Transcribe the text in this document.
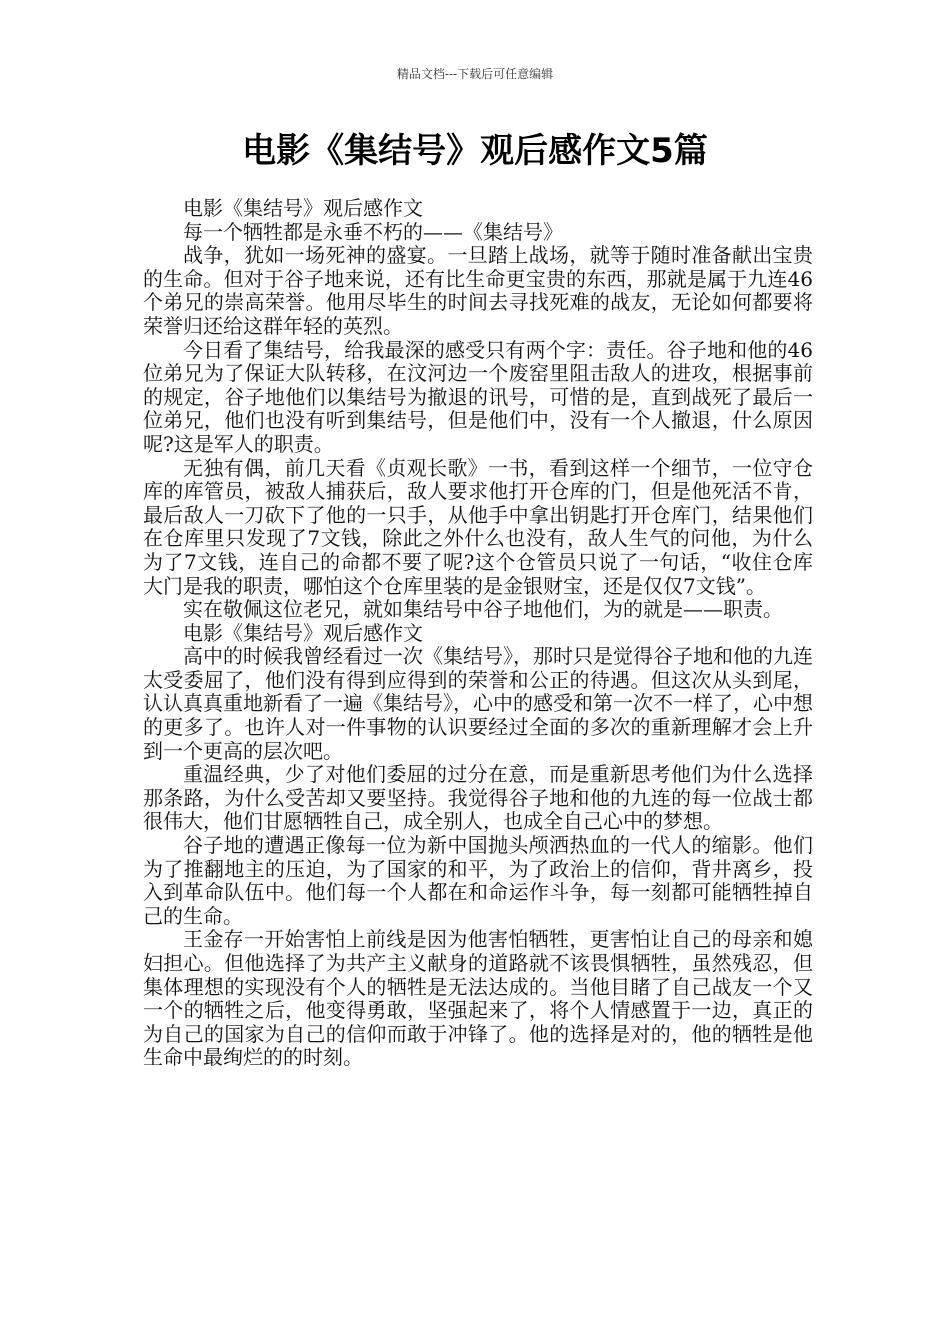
精品文档---下载后可任意编辑
电影《集结号》观后感作文5篇

电影《集结号》观后感作文

每一个牺牲都是永垂不朽的——《集结号》

战争，犹如一场死神的盛宴。一旦踏上战场，就等于随时准备献出宝贵的生命。但对于谷子地来说，还有比生命更宝贵的东西，那就是属于九连46个弟兄的崇高荣誉。他用尽毕生的时间去寻找死难的战友，无论如何都要将荣誉归还给这群年轻的英烈。

今日看了集结号，给我最深的感受只有两个字：责任。谷子地和他的46位弟兄为了保证大队转移，在汶河边一个废窑里阻击敌人的进攻，根据事前的规定，谷子地他们以集结号为撤退的讯号，可惜的是，直到战死了最后一位弟兄，他们也没有听到集结号，但是他们中，没有一个人撤退，什么原因呢?这是军人的职责。

无独有偶，前几天看《贞观长歌》一书，看到这样一个细节，一位守仓库的库管员，被敌人捕获后，敌人要求他打开仓库的门，但是他死活不肯，最后敌人一刀砍下了他的一只手，从他手中拿出钥匙打开仓库门，结果他们在仓库里只发现了7文钱，除此之外什么也没有，敌人生气的问他，为什么为了7文钱，连自己的命都不要了呢?这个仓管员只说了一句话，“收住仓库大门是我的职责，哪怕这个仓库里装的是金银财宝，还是仅仅7文钱”。

实在敬佩这位老兄，就如集结号中谷子地他们，为的就是——职责。

电影《集结号》观后感作文

高中的时候我曾经看过一次《集结号》，那时只是觉得谷子地和他的九连太受委屈了，他们没有得到应得到的荣誉和公正的待遇。但这次从头到尾，认认真真重地新看了一遍《集结号》，心中的感受和第一次不一样了，心中想的更多了。也许人对一件事物的认识要经过全面的多次的重新理解才会上升到一个更高的层次吧。

重温经典，少了对他们委屈的过分在意，而是重新思考他们为什么选择那条路，为什么受苦却又要坚持。我觉得谷子地和他的九连的每一位战士都很伟大，他们甘愿牺牲自己，成全别人，也成全自己心中的梦想。

谷子地的遭遇正像每一位为新中国抛头颅洒热血的一代人的缩影。他们为了推翻地主的压迫，为了国家的和平，为了政治上的信仰，背井离乡，投入到革命队伍中。他们每一个人都在和命运作斗争，每一刻都可能牺牲掉自己的生命。

王金存一开始害怕上前线是因为他害怕牺牲，更害怕让自己的母亲和媳妇担心。但他选择了为共产主义献身的道路就不该畏惧牺牲，虽然残忍，但集体理想的实现没有个人的牺牲是无法达成的。当他目睹了自己战友一个又一个的牺牲之后，他变得勇敢，坚强起来了，将个人情感置于一边，真正的为自己的国家为自己的信仰而敢于冲锋了。他的选择是对的，他的牺牲是他生命中最绚烂的的时刻。
